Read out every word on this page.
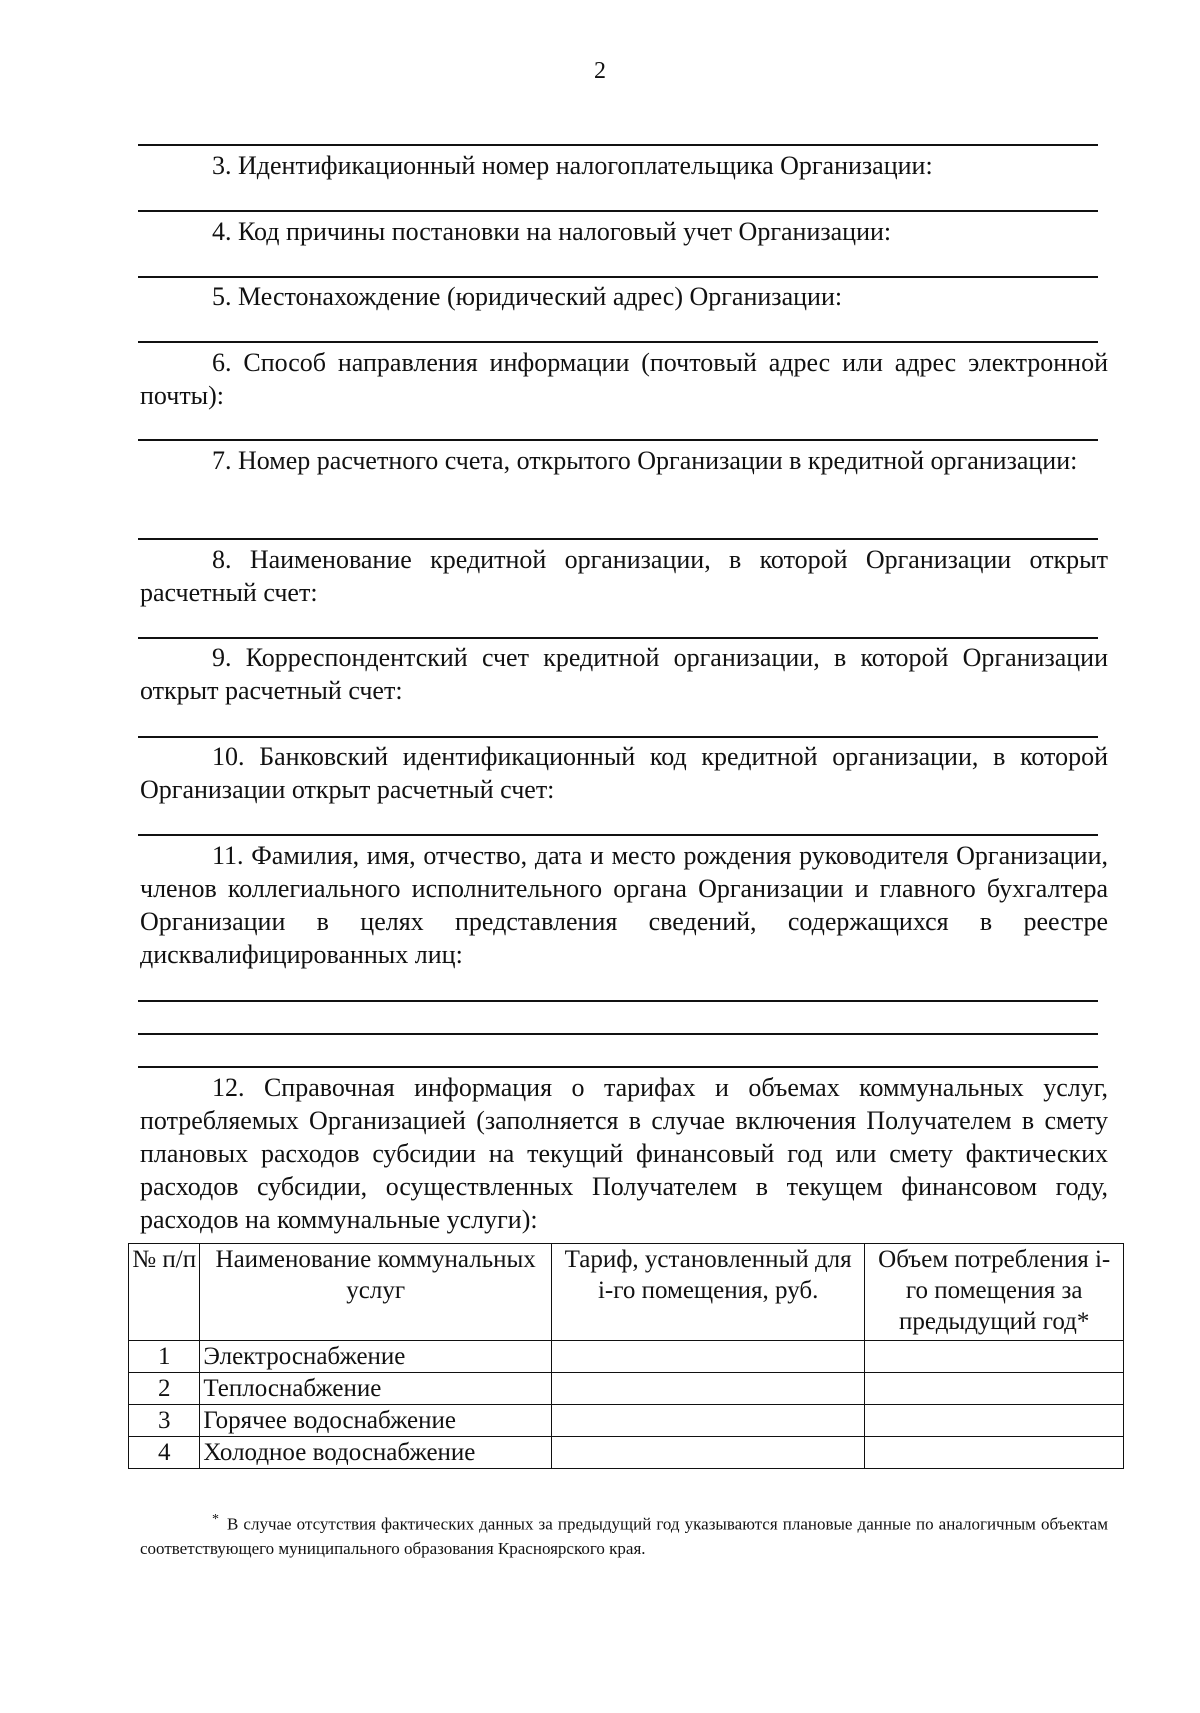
2
3. Идентификационный номер налогоплательщика Организации:
4. Код причины постановки на налоговый учет Организации:
5. Местонахождение (юридический адрес) Организации:
6. Способ направления информации (почтовый адрес или адрес электронной почты):
7. Номер расчетного счета, открытого Организации в кредитной организации:
8. Наименование кредитной организации, в которой Организации открыт расчетный счет:
9. Корреспондентский счет кредитной организации, в которой Организации открыт расчетный счет:
10. Банковский идентификационный код кредитной организации, в которой Организации открыт расчетный счет:
11. Фамилия, имя, отчество, дата и место рождения руководителя Организации, членов коллегиального исполнительного органа Организации и главного бухгалтера Организации в целях представления сведений, содержащихся в реестре дисквалифицированных лиц:
12. Справочная информация о тарифах и объемах коммунальных услуг, потребляемых Организацией (заполняется в случае включения Получателем в смету плановых расходов субсидии на текущий финансовый год или смету фактических расходов субсидии, осуществленных Получателем в текущем финансовом году, расходов на коммунальные услуги):
№ п/п	Наименование коммунальных услуг	Тариф, установленный для i-го помещения, руб.	Объем потребления i-го помещения за предыдущий год*
1	Электроснабжение		
2	Теплоснабжение		
3	Горячее водоснабжение		
4	Холодное водоснабжение		
* В случае отсутствия фактических данных за предыдущий год указываются плановые данные по аналогичным объектам соответствующего муниципального образования Красноярского края.
